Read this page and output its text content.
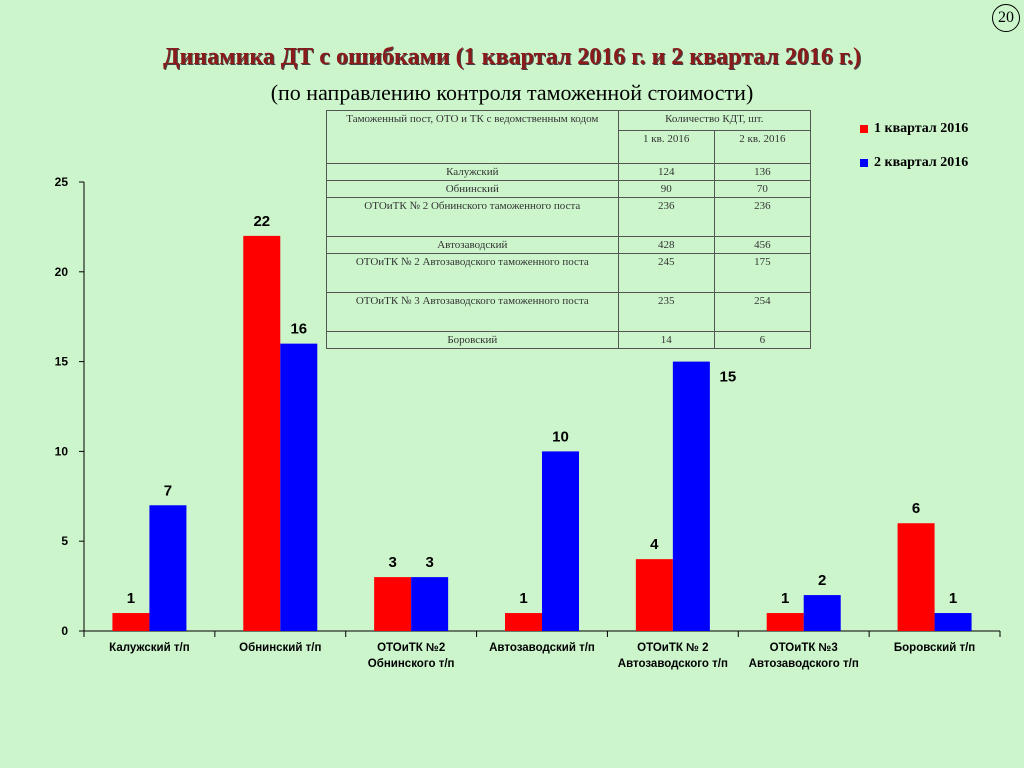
20
Динамика ДТ с ошибками (1 квартал 2016 г. и 2 квартал 2016 г.)
(по направлению контроля таможенной стоимости)
0
5
10
15
20
25
1
7
Калужский т/п
22
16
Обнинский т/п
3 3
ОТОиТК №2
Обнинского т/п
1
10
Автозаводский т/п
4
15
ОТОиТК № 2
Автозаводского т/п
1
2
ОТОиТК №3
Автозаводского т/п
6
1
Боровский т/п
Таможенный пост, ОТО и ТК с ведомственным кодом	Количество КДТ, шт.	
	1 кв. 2016	2 кв. 2016
Калужский	124	136
Обнинский	90	70
ОТОиТК № 2 Обнинского таможенного поста	236	236
Автозаводский	428	456
ОТОиТК № 2 Автозаводского таможенного поста	245	175
ОТОиТК № 3 Автозаводского таможенного поста	235	254
Боровский	14	6
1 квартал 2016
2 квартал 2016
